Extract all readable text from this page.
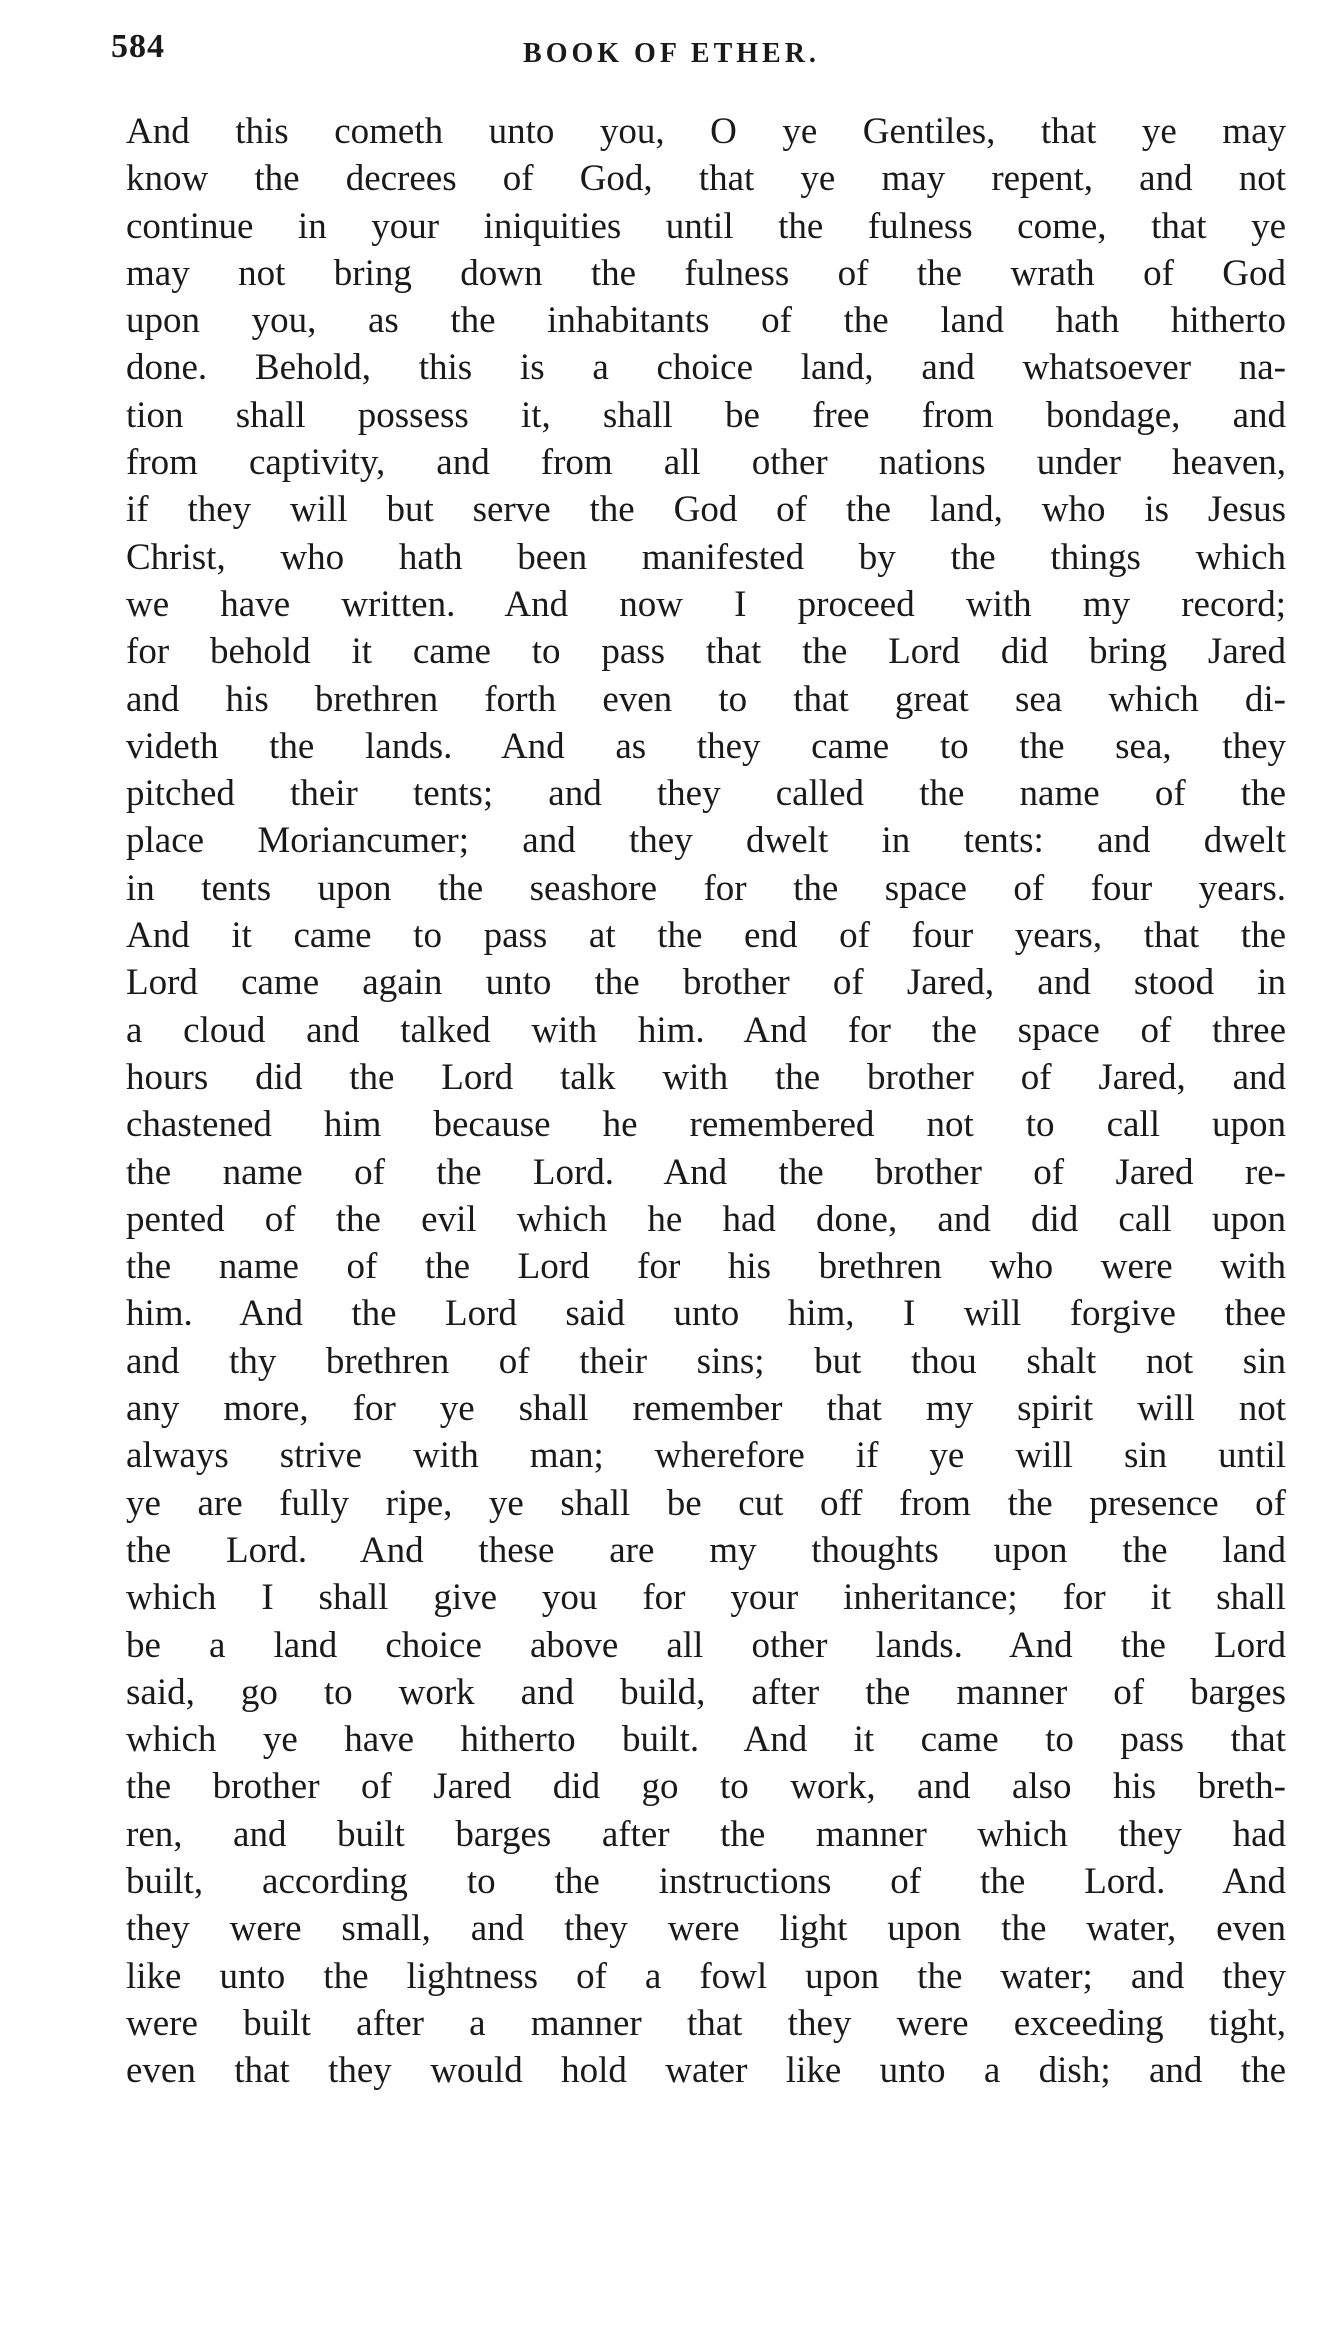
584	BOOK OF ETHER.
And this cometh unto you, O ye Gentiles, that ye may
know the decrees of God, that ye may repent, and not
continue in your iniquities until the fulness come, that ye
may not bring down the fulness of the wrath of God
upon you, as the inhabitants of the land hath hitherto
done. Behold, this is a choice land, and whatsoever na-
tion shall possess it, shall be free from bondage, and
from captivity, and from all other nations under heaven,
if they will but serve the God of the land, who is Jesus
Christ, who hath been manifested by the things which
we have written. And now I proceed with my record;
for behold it came to pass that the Lord did bring Jared
and his brethren forth even to that great sea which di-
videth the lands. And as they came to the sea, they
pitched their tents; and they called the name of the
place Moriancumer; and they dwelt in tents: and dwelt
in tents upon the seashore for the space of four years.
And it came to pass at the end of four years, that the
Lord came again unto the brother of Jared, and stood in
a cloud and talked with him. And for the space of three
hours did the Lord talk with the brother of Jared, and
chastened him because he remembered not to call upon
the name of the Lord. And the brother of Jared re-
pented of the evil which he had done, and did call upon
the name of the Lord for his brethren who were with
him. And the Lord said unto him, I will forgive thee
and thy brethren of their sins; but thou shalt not sin
any more, for ye shall remember that my spirit will not
always strive with man; wherefore if ye will sin until
ye are fully ripe, ye shall be cut off from the presence of
the Lord. And these are my thoughts upon the land
which I shall give you for your inheritance; for it shall
be a land choice above all other lands. And the Lord
said, go to work and build, after the manner of barges
which ye have hitherto built. And it came to pass that
the brother of Jared did go to work, and also his breth-
ren, and built barges after the manner which they had
built, according to the instructions of the Lord. And
they were small, and they were light upon the water, even
like unto the lightness of a fowl upon the water; and they
were built after a manner that they were exceeding tight,
even that they would hold water like unto a dish; and the
